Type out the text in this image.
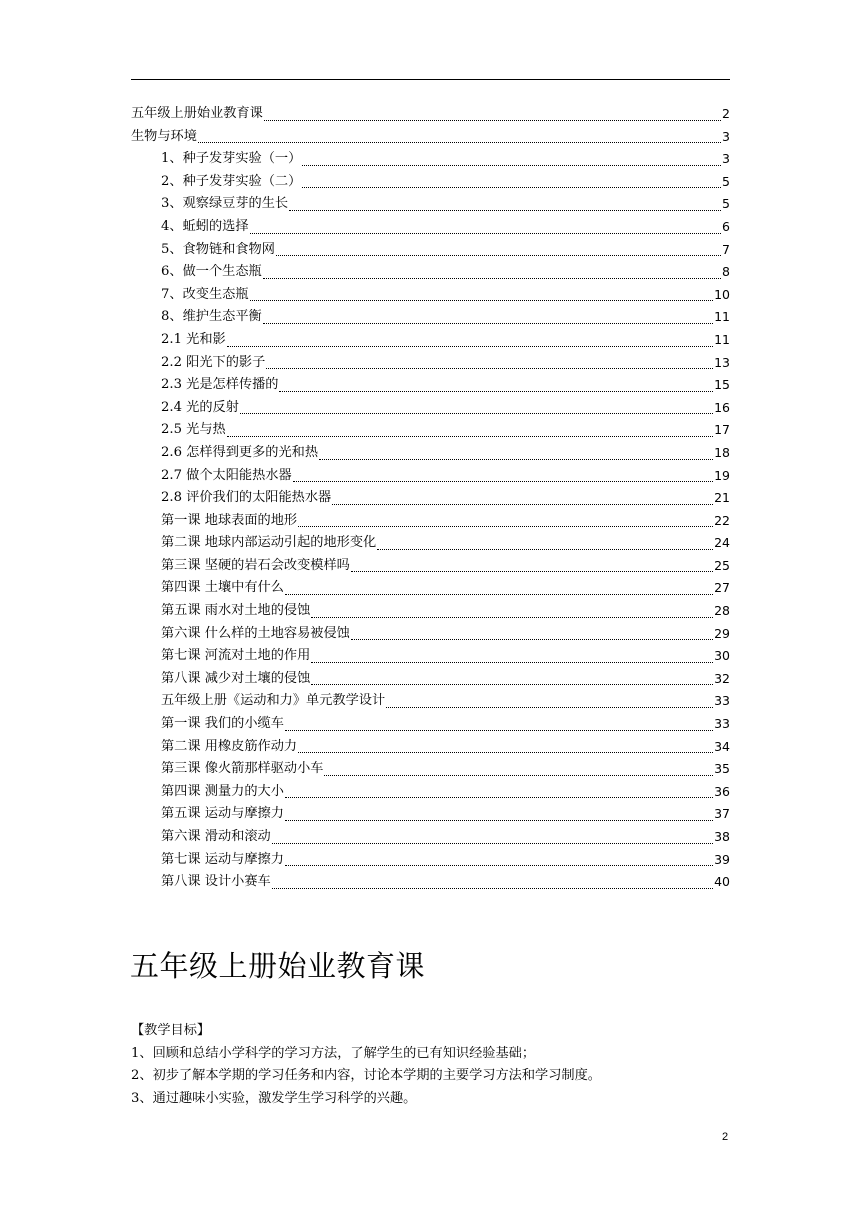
五年级上册始业教育课	2
生物与环境	3
1、种子发芽实验（一）	3
2、种子发芽实验（二）	5
3、观察绿豆芽的生长	5
4、蚯蚓的选择	6
5、食物链和食物网	7
6、做一个生态瓶	8
7、改变生态瓶	10
8、维护生态平衡	11
2.1 光和影	11
2.2 阳光下的影子	13
2.3 光是怎样传播的	15
2.4 光的反射	16
2.5 光与热	17
2.6 怎样得到更多的光和热	18
2.7 做个太阳能热水器	19
2.8 评价我们的太阳能热水器	21
第一课 地球表面的地形	22
第二课 地球内部运动引起的地形变化	24
第三课 坚硬的岩石会改变模样吗	25
第四课 土壤中有什么	27
第五课 雨水对土地的侵蚀	28
第六课 什么样的土地容易被侵蚀	29
第七课 河流对土地的作用	30
第八课 减少对土壤的侵蚀	32
五年级上册《运动和力》单元教学设计	33
第一课 我们的小缆车	33
第二课 用橡皮筋作动力	34
第三课 像火箭那样驱动小车	35
第四课 测量力的大小	36
第五课 运动与摩擦力	37
第六课 滑动和滚动	38
第七课 运动与摩擦力	39
第八课 设计小赛车	40
五年级上册始业教育课
【教学目标】
1、回顾和总结小学科学的学习方法，了解学生的已有知识经验基础；
2、初步了解本学期的学习任务和内容，讨论本学期的主要学习方法和学习制度。
3、通过趣味小实验，激发学生学习科学的兴趣。
2
